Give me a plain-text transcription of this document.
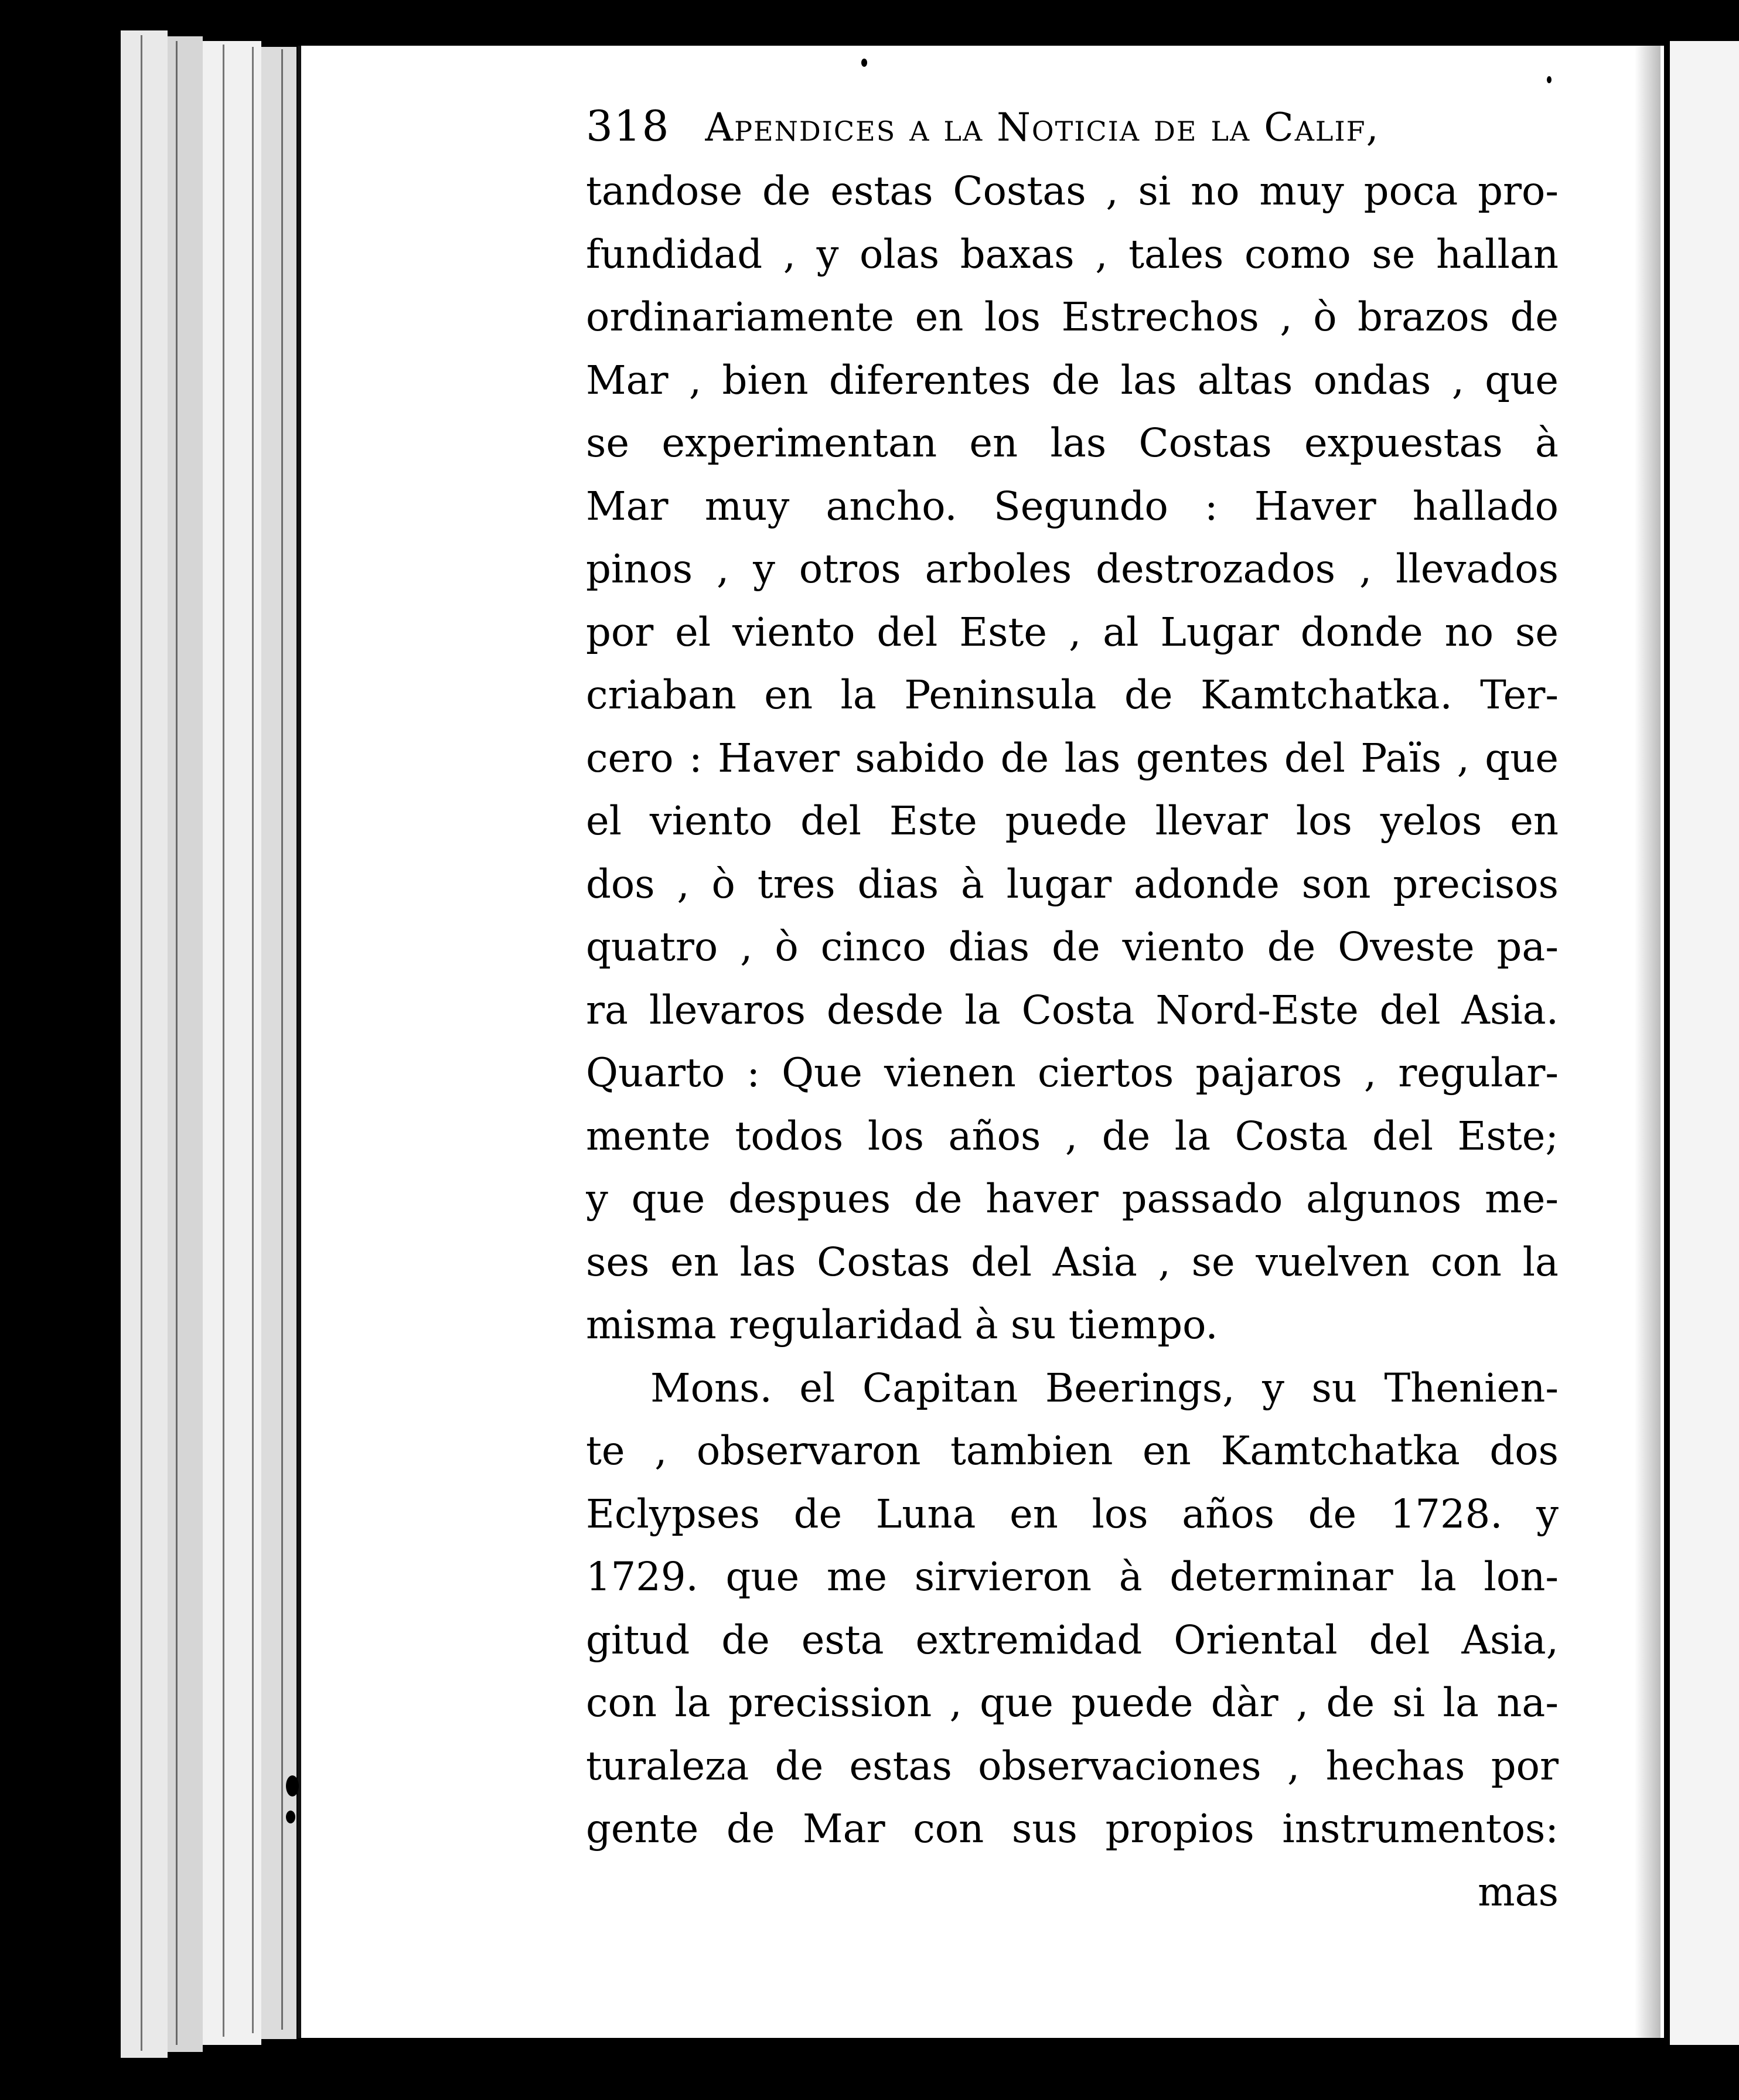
318 Apendices a la Noticia de la Calif,
tandose de estas Costas , si no muy poca pro-
fundidad , y olas baxas , tales como se hallan
ordinariamente en los Estrechos , ò brazos de
Mar , bien diferentes de las altas ondas , que
se experimentan en las Costas expuestas à
Mar muy ancho. Segundo : Haver hallado
pinos , y otros arboles destrozados , llevados
por el viento del Este , al Lugar donde no se
criaban en la Peninsula de Kamtchatka. Ter-
cero : Haver sabido de las gentes del Païs , que
el viento del Este puede llevar los yelos en
dos , ò tres dias à lugar adonde son precisos
quatro , ò cinco dias de viento de Oveste pa-
ra llevaros desde la Costa Nord-Este del Asia.
Quarto : Que vienen ciertos pajaros , regular-
mente todos los años , de la Costa del Este;
y que despues de haver passado algunos me-
ses en las Costas del Asia , se vuelven con la
misma regularidad à su tiempo.
Mons. el Capitan Beerings, y su Thenien-
te , observaron tambien en Kamtchatka dos
Eclypses de Luna en los años de 1728. y
1729. que me sirvieron à determinar la lon-
gitud de esta extremidad Oriental del Asia,
con la precission , que puede dàr , de si la na-
turaleza de estas observaciones , hechas por
gente de Mar con sus propios instrumentos:
mas
